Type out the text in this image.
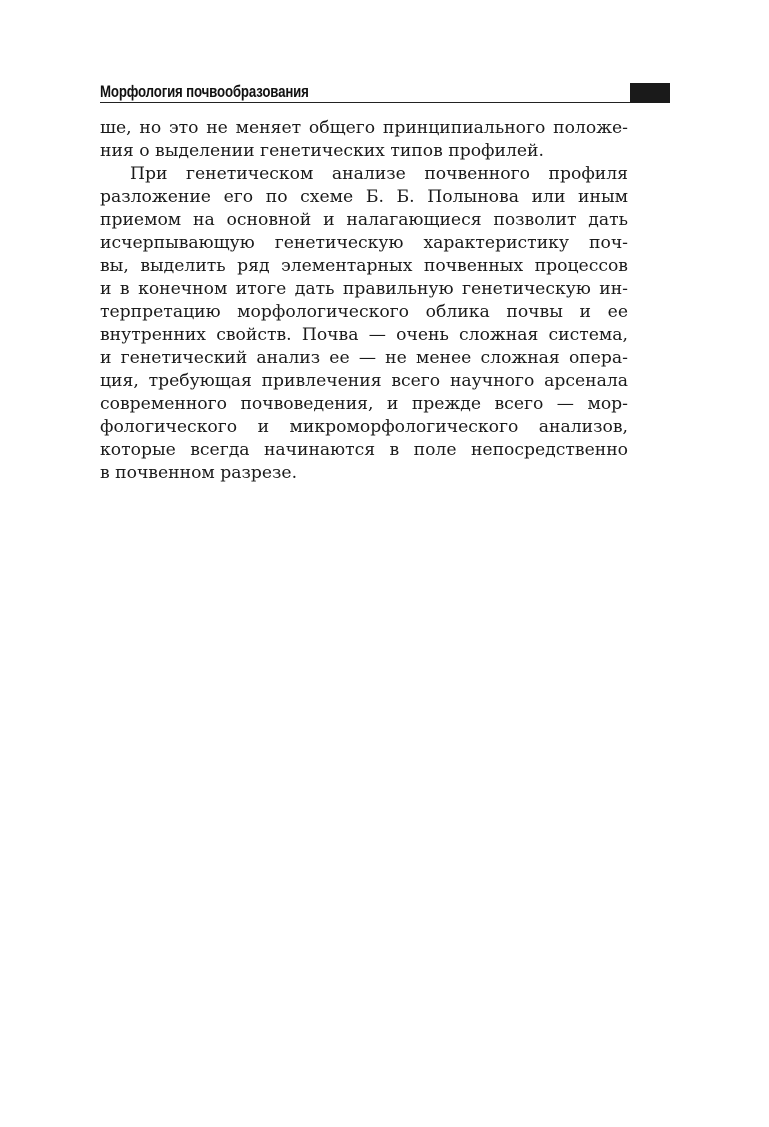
Морфология почвообразования
ше, но это не меняет общего принципиального положе-
ния о выделении генетических типов профилей.
При генетическом анализе почвенного профиля
разложение его по схеме Б. Б. Полынова или иным
приемом на основной и налагающиеся позволит дать
исчерпывающую генетическую характеристику поч-
вы, выделить ряд элементарных почвенных процессов
и в конечном итоге дать правильную генетическую ин-
терпретацию морфологического облика почвы и ее
внутренних свойств. Почва — очень сложная система,
и генетический анализ ее — не менее сложная опера-
ция, требующая привлечения всего научного арсенала
современного почвоведения, и прежде всего — мор-
фологического и микроморфологического анализов,
которые всегда начинаются в поле непосредственно
в почвенном разрезе.
